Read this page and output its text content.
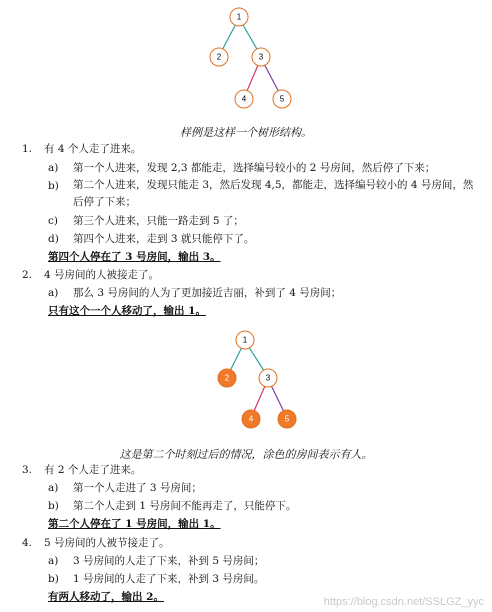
1
2	3
4	5
样例是这样一个树形结构。
1. 有 4 个人走了进来。
a) 第一个人进来，发现 2,3 都能走，选择编号较小的 2 号房间，然后停了下来；
b) 第二个人进来，发现只能走 3，然后发现 4,5，都能走，选择编号较小的 4 号房间，然后停了下来；
c) 第三个人进来，只能一路走到 5 了；
d) 第四个人进来，走到 3 就只能停下了。
第四个人停在了 3 号房间，输出 3。
2. 4 号房间的人被接走了。
a) 那么 3 号房间的人为了更加接近吉丽，补到了 4 号房间；
只有这个一个人移动了，输出 1。
1
2	3
4	5
这是第二个时刻过后的情况，涂色的房间表示有人。
3. 有 2 个人走了进来。
a) 第一个人走进了 3 号房间；
b) 第二个人走到 1 号房间不能再走了，只能停下。
第二个人停在了 1 号房间，输出 1。
4. 5 号房间的人被节接走了。
a) 3 号房间的人走了下来，补到 5 号房间；
b) 1 号房间的人走了下来，补到 3 号房间。
有两人移动了，输出 2。	https://blog.csdn.net/SSLGZ_yyc
